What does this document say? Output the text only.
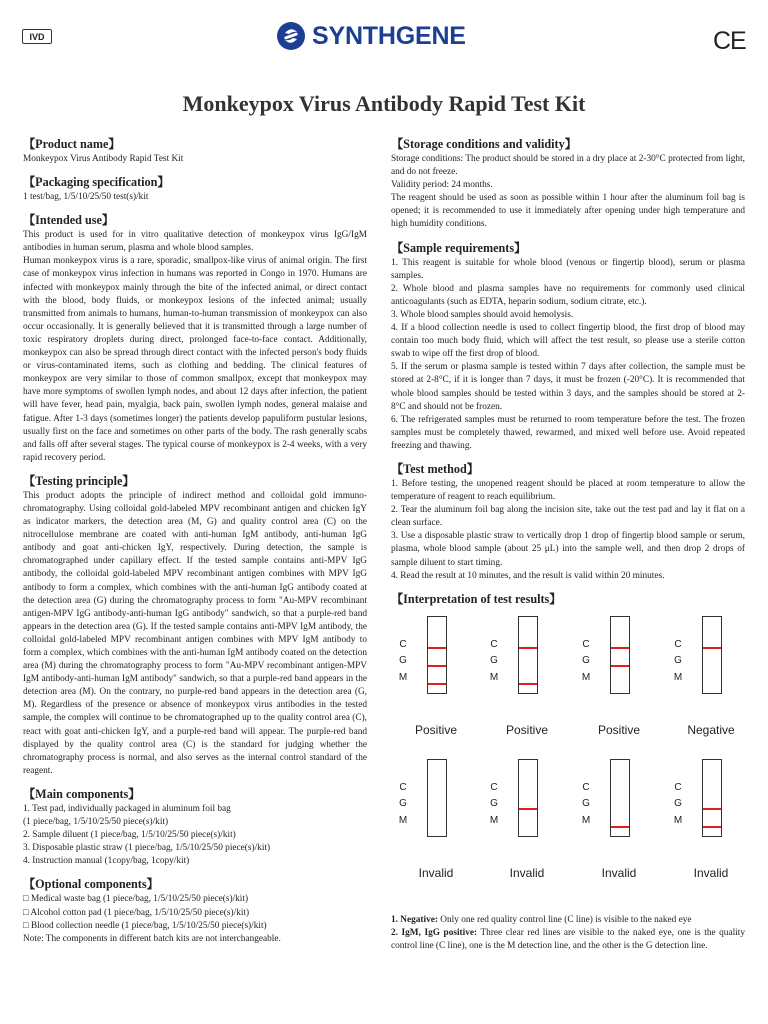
IVD	SYNTHGENE	CE
Monkeypox Virus Antibody Rapid Test Kit
【Product name】

Monkeypox Virus Antibody Rapid Test Kit

【Packaging specification】

1 test/bag, 1/5/10/25/50 test(s)/kit

【Intended use】

This product is used for in vitro qualitative detection of monkeypox virus IgG/IgM antibodies in human serum, plasma and whole blood samples.

Human monkeypox virus is a rare, sporadic, smallpox-like virus of animal origin. The first case of monkeypox virus infection in humans was reported in Congo in 1970. Humans are infected with monkeypox mainly through the bite of the infected animal, or direct contact with the blood, body fluids, or monkeypox lesions of the infected animal; usually transmitted from animals to humans, human-to-human transmission of monkeypox can also occur occasionally. It is generally believed that it is transmitted through a large number of toxic respiratory droplets during direct, prolonged face-to-face contact. Additionally, monkeypox can also be spread through direct contact with the infected person's body fluids or virus-contaminated items, such as clothing and bedding. The clinical features of monkeypox are very similar to those of common smallpox, except that monkeypox may have more symptoms of swollen lymph nodes, and about 12 days after infection, the patient will have fever, head pain, myalgia, back pain, swollen lymph nodes, general malaise and fatigue. After 1-3 days (sometimes longer) the patients develop papuliform pustular lesions, usually first on the face and sometimes on other parts of the body. The rash generally scabs and falls off after several stages. The typical course of monkeypox is 2-4 weeks, with a very rapid recovery period.

【Testing principle】

This product adopts the principle of indirect method and colloidal gold immuno-chromatography. Using colloidal gold-labeled MPV recombinant antigen and chicken IgY as indicator markers, the detection area (M, G) and quality control area (C) on the nitrocellulose membrane are coated with anti-human IgM antibody, anti-human IgG antibody and goat anti-chicken IgY, respectively. During detection, the sample is chromatographed under capillary effect. If the tested sample contains anti-MPV IgG antibody, the colloidal gold-labeled MPV recombinant antigen combines with MPV IgG antibody to form a complex, which combines with the anti-human IgG antibody coated at the detection area (G) during the chromatography process to form "Au-MPV recombinant antigen-MPV IgG antibody-anti-human IgG antibody" sandwich, so that a purple-red band appears in the detection area (G). If the tested sample contains anti-MPV IgM antibody, the colloidal gold-labeled MPV recombinant antigen combines with MPV IgM antibody to form a complex, which combines with the anti-human IgM antibody coated on the detection area (M) during the chromatography process to form "Au-MPV recombinant antigen-MPV IgM antibody-anti-human IgM antibody" sandwich, so that a purple-red band appears in the detection area (M). On the contrary, no purple-red band appears in the detection area (G, M). Regardless of the presence or absence of monkeypox virus antibodies in the tested sample, the complex will continue to be chromatographed up to the quality control area (C), react with goat anti-chicken IgY, and a purple-red band will appear. The purple-red band displayed by the quality control area (C) is the standard for judging whether the chromatography process is normal, and also serves as the internal control standard of the reagent.

【Main components】

1. Test pad, individually packaged in aluminum foil bag

(1 piece/bag, 1/5/10/25/50 piece(s)/kit)

2. Sample diluent (1 piece/bag, 1/5/10/25/50 piece(s)/kit)

3. Disposable plastic straw (1 piece/bag, 1/5/10/25/50 piece(s)/kit)

4. Instruction manual (1copy/bag, 1copy/kit)

【Optional components】

□ Medical waste bag (1 piece/bag, 1/5/10/25/50 piece(s)/kit)

□ Alcohol cotton pad (1 piece/bag, 1/5/10/25/50 piece(s)/kit)

□ Blood collection needle (1 piece/bag, 1/5/10/25/50 piece(s)/kit)

Note: The components in different batch kits are not interchangeable.

【Storage conditions and validity】

Storage conditions: The product should be stored in a dry place at 2-30°C protected from light, and do not freeze.

Validity period: 24 months.

The reagent should be used as soon as possible within 1 hour after the aluminum foil bag is opened; it is recommended to use it immediately after opening under high temperature and high humidity conditions.

【Sample requirements】

1. This reagent is suitable for whole blood (venous or fingertip blood), serum or plasma samples.

2. Whole blood and plasma samples have no requirements for commonly used clinical anticoagulants (such as EDTA, heparin sodium, sodium citrate, etc.).

3. Whole blood samples should avoid hemolysis.

4. If a blood collection needle is used to collect fingertip blood, the first drop of blood may contain too much body fluid, which will affect the test result, so please use a sterile cotton swab to wipe off the first drop of blood.

5. If the serum or plasma sample is tested within 7 days after collection, the sample must be stored at 2-8°C, if it is longer than 7 days, it must be frozen (-20°C). It is recommended that whole blood samples should be tested within 3 days, and the samples should be stored at 2-8°C and should not be frozen.

6. The refrigerated samples must be returned to room temperature before the test. The frozen samples must be completely thawed, rewarmed, and mixed well before use. Avoid repeated freezing and thawing.

【Test method】

1. Before testing, the unopened reagent should be placed at room temperature to allow the temperature of reagent to reach equilibrium.

2. Tear the aluminum foil bag along the incision site, take out the test pad and lay it flat on a clean surface.

3. Use a disposable plastic straw to vertically drop 1 drop of fingertip blood sample or serum, plasma, whole blood sample (about 25 μL) into the sample well, and then drop 2 drops of sample diluent to start timing.

4. Read the result at 10 minutes, and the result is valid within 20 minutes.

【Interpretation of test results】
C
G
M
Positive
C
G
M
Positive
C
G
M
Positive
C
G
M
Negative
C
G
M
Invalid
C
G
M
Invalid
C
G
M
Invalid
C
G
M
Invalid

1. Negative: Only one red quality control line (C line) is visible to the naked eye

2. IgM, IgG positive: Three clear red lines are visible to the naked eye, one is the quality control line (C line), one is the M detection line, and the other is the G detection line.
